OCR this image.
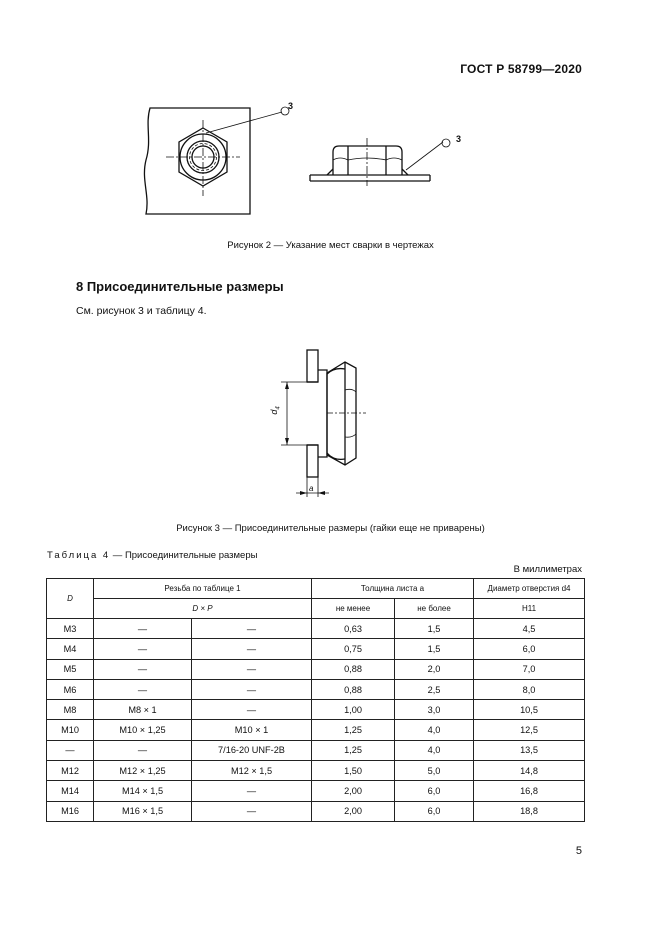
ГОСТ Р 58799—2020
3
3
Рисунок 2 — Указание мест сварки в чертежах
8 Присоединительные размеры
См. рисунок 3 и таблицу 4.
$d_4$
a
Рисунок 3 — Присоединительные размеры (гайки еще не приварены)
Таблица 4 — Присоединительные размеры
В миллиметрах
D	Резьба по таблице 1		Толщина листа a		Диаметр отверстия d4
	D × P		не менее	не более	H11
M3	—	—	0,63	1,5	4,5
M4	—	—	0,75	1,5	6,0
M5	—	—	0,88	2,0	7,0
M6	—	—	0,88	2,5	8,0
M8	M8 × 1	—	1,00	3,0	10,5
M10	M10 × 1,25	M10 × 1	1,25	4,0	12,5
—	—	7/16-20 UNF-2B	1,25	4,0	13,5
M12	M12 × 1,25	M12 × 1,5	1,50	5,0	14,8
M14	M14 × 1,5	—	2,00	6,0	16,8
M16	M16 × 1,5	—	2,00	6,0	18,8
5
